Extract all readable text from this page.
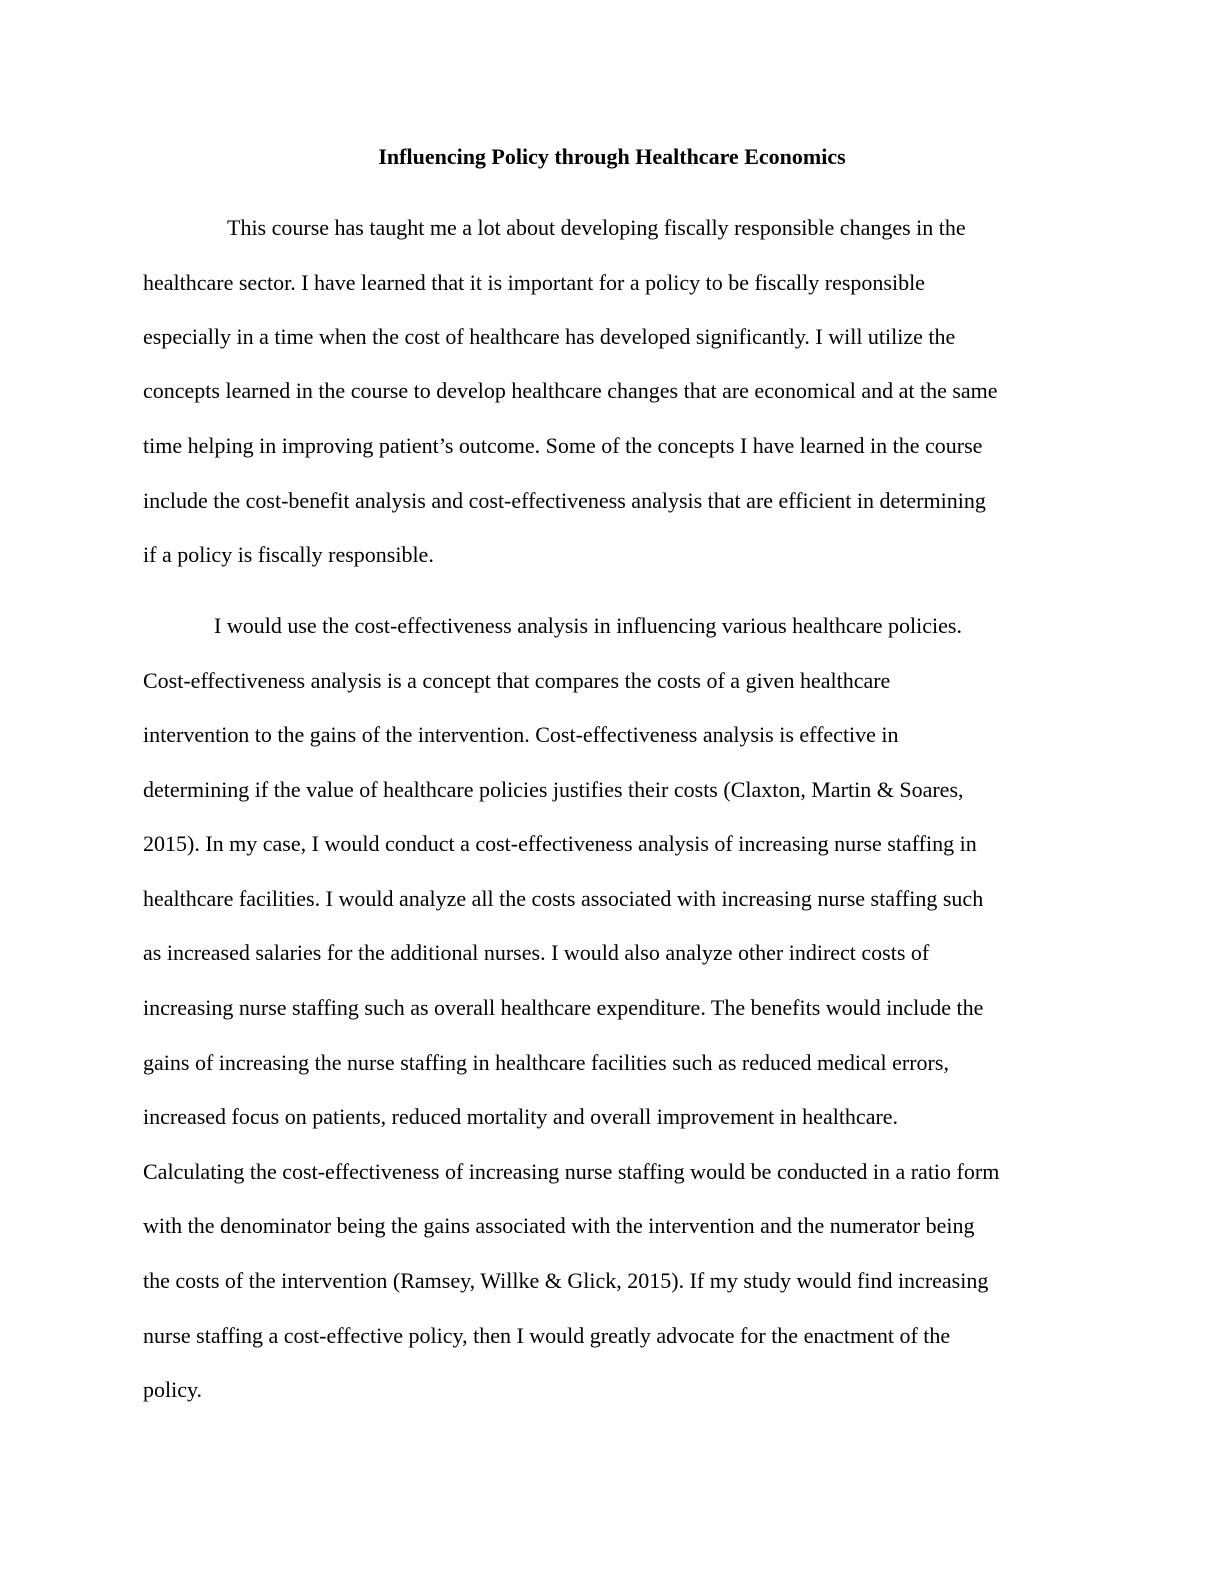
Influencing Policy through Healthcare Economics

This course has taught me a lot about developing fiscally responsible changes in the

healthcare sector. I have learned that it is important for a policy to be fiscally responsible

especially in a time when the cost of healthcare has developed significantly. I will utilize the

concepts learned in the course to develop healthcare changes that are economical and at the same

time helping in improving patient’s outcome. Some of the concepts I have learned in the course

include the cost-benefit analysis and cost-effectiveness analysis that are efficient in determining

if a policy is fiscally responsible.

I would use the cost-effectiveness analysis in influencing various healthcare policies.

Cost-effectiveness analysis is a concept that compares the costs of a given healthcare

intervention to the gains of the intervention. Cost-effectiveness analysis is effective in

determining if the value of healthcare policies justifies their costs (Claxton, Martin & Soares,

2015). In my case, I would conduct a cost-effectiveness analysis of increasing nurse staffing in

healthcare facilities. I would analyze all the costs associated with increasing nurse staffing such

as increased salaries for the additional nurses. I would also analyze other indirect costs of

increasing nurse staffing such as overall healthcare expenditure. The benefits would include the

gains of increasing the nurse staffing in healthcare facilities such as reduced medical errors,

increased focus on patients, reduced mortality and overall improvement in healthcare.

Calculating the cost-effectiveness of increasing nurse staffing would be conducted in a ratio form

with the denominator being the gains associated with the intervention and the numerator being

the costs of the intervention (Ramsey, Willke & Glick, 2015). If my study would find increasing

nurse staffing a cost-effective policy, then I would greatly advocate for the enactment of the

policy.
